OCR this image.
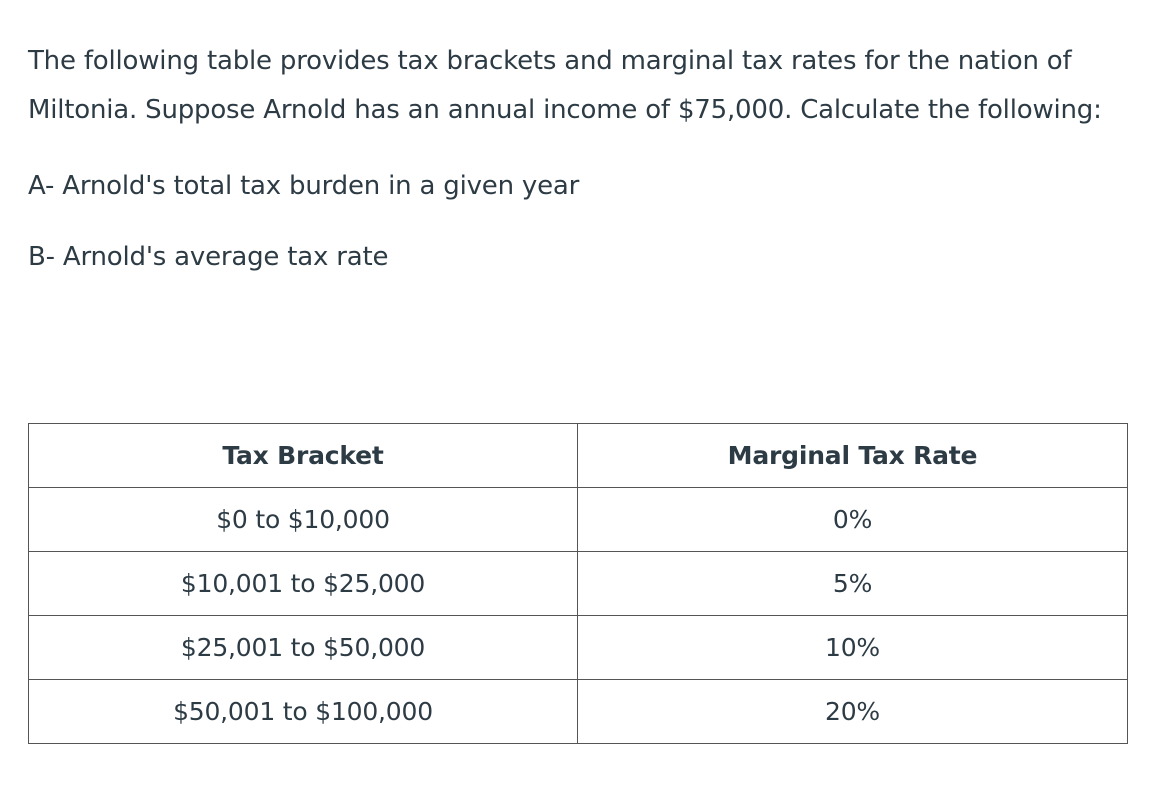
The following table provides tax brackets and marginal tax rates for the nation of Miltonia. Suppose Arnold has an annual income of $75,000. Calculate the following:

A- Arnold's total tax burden in a given year

B- Arnold's average tax rate

Tax Bracket	Marginal Tax Rate
$0 to $10,000	0%
$10,001 to $25,000	5%
$25,001 to $50,000	10%
$50,001 to $100,000	20%
